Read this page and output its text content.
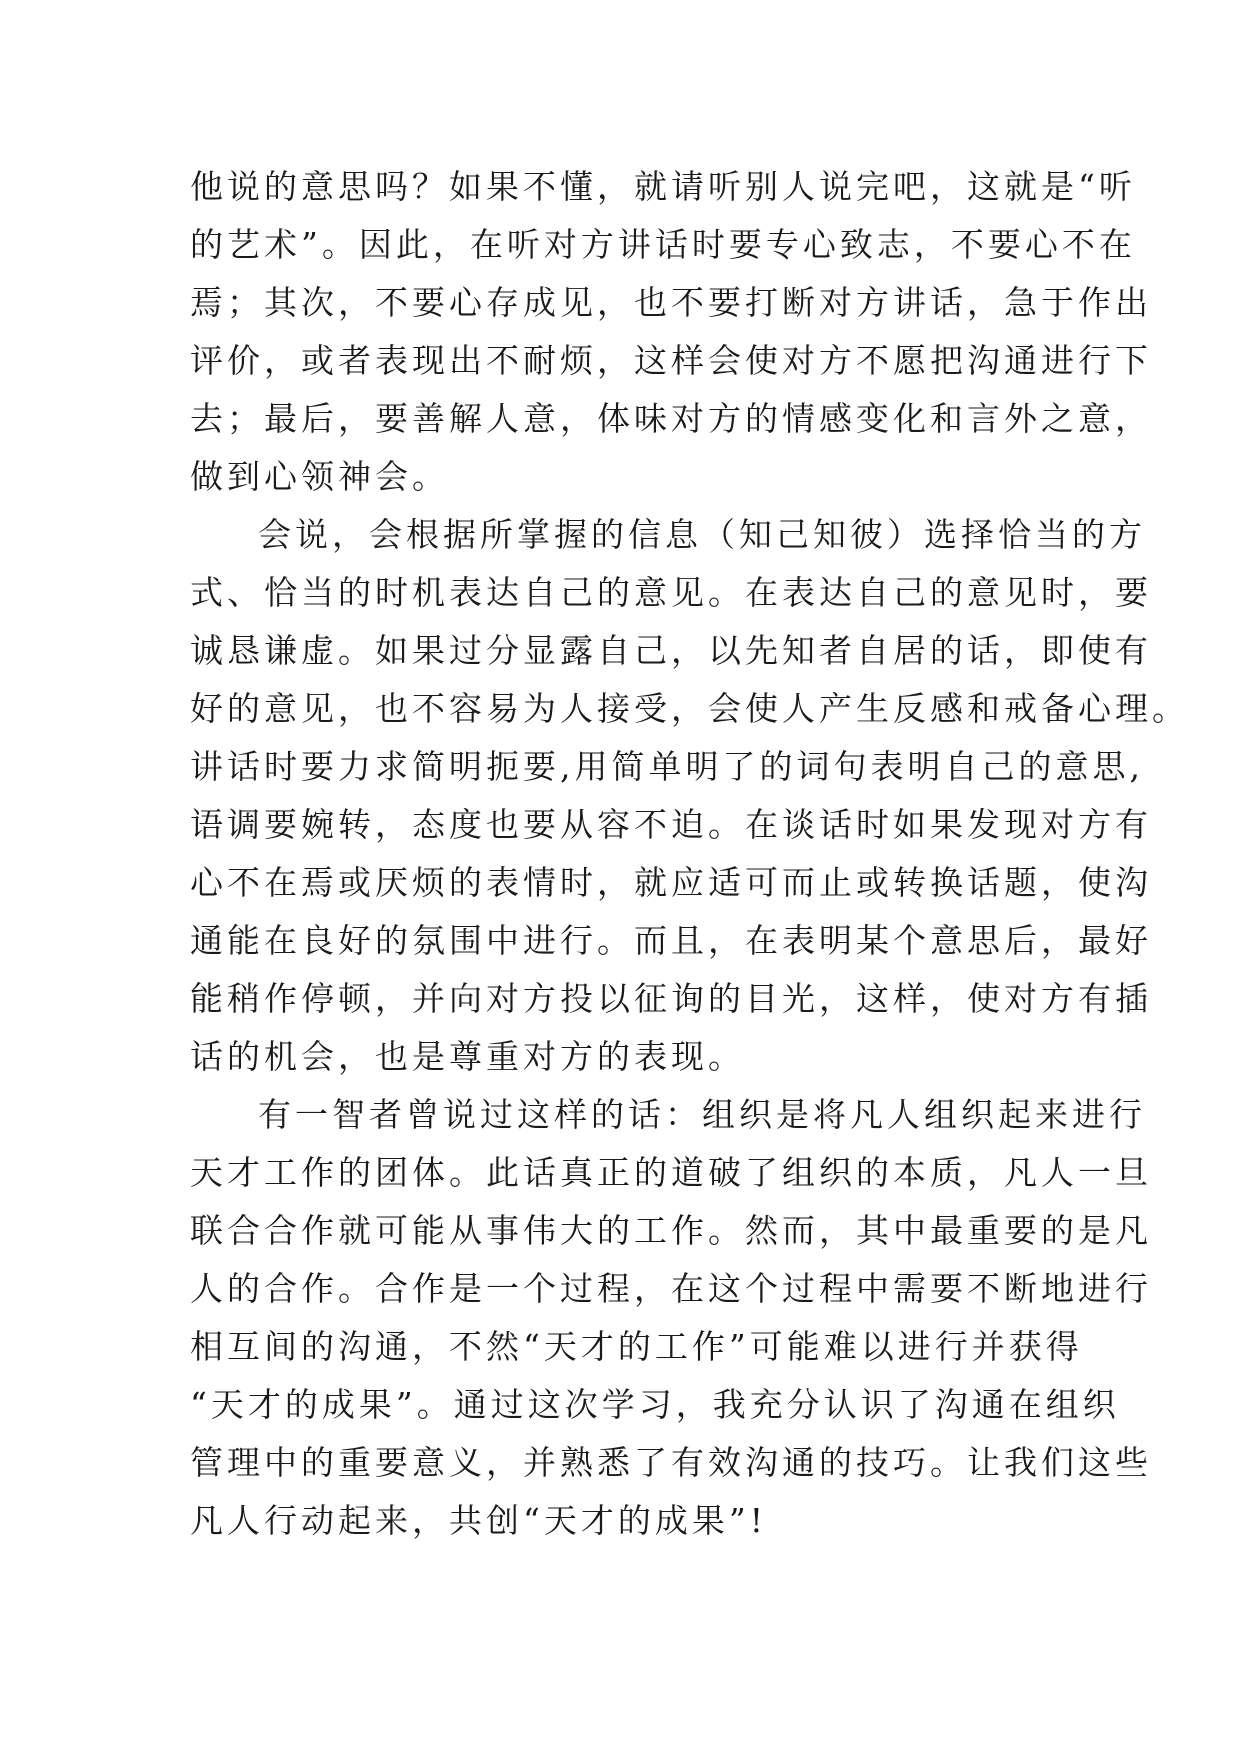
他说的意思吗？如果不懂，就请听别人说完吧，这就是“听
的艺术”。因此，在听对方讲话时要专心致志，不要心不在
焉；其次，不要心存成见，也不要打断对方讲话，急于作出
评价，或者表现出不耐烦，这样会使对方不愿把沟通进行下
去；最后，要善解人意，体味对方的情感变化和言外之意，
做到心领神会。
会说，会根据所掌握的信息（知己知彼）选择恰当的方
式、恰当的时机表达自己的意见。在表达自己的意见时，要
诚恳谦虚。如果过分显露自己，以先知者自居的话，即使有
好的意见，也不容易为人接受，会使人产生反感和戒备心理。
讲话时要力求简明扼要,用简单明了的词句表明自己的意思,
语调要婉转，态度也要从容不迫。在谈话时如果发现对方有
心不在焉或厌烦的表情时，就应适可而止或转换话题，使沟
通能在良好的氛围中进行。而且，在表明某个意思后，最好
能稍作停顿，并向对方投以征询的目光，这样，使对方有插
话的机会，也是尊重对方的表现。
有一智者曾说过这样的话：组织是将凡人组织起来进行
天才工作的团体。此话真正的道破了组织的本质，凡人一旦
联合合作就可能从事伟大的工作。然而，其中最重要的是凡
人的合作。合作是一个过程，在这个过程中需要不断地进行
相互间的沟通，不然“天才的工作”可能难以进行并获得
“天才的成果”。通过这次学习，我充分认识了沟通在组织
管理中的重要意义，并熟悉了有效沟通的技巧。让我们这些
凡人行动起来，共创“天才的成果”!
